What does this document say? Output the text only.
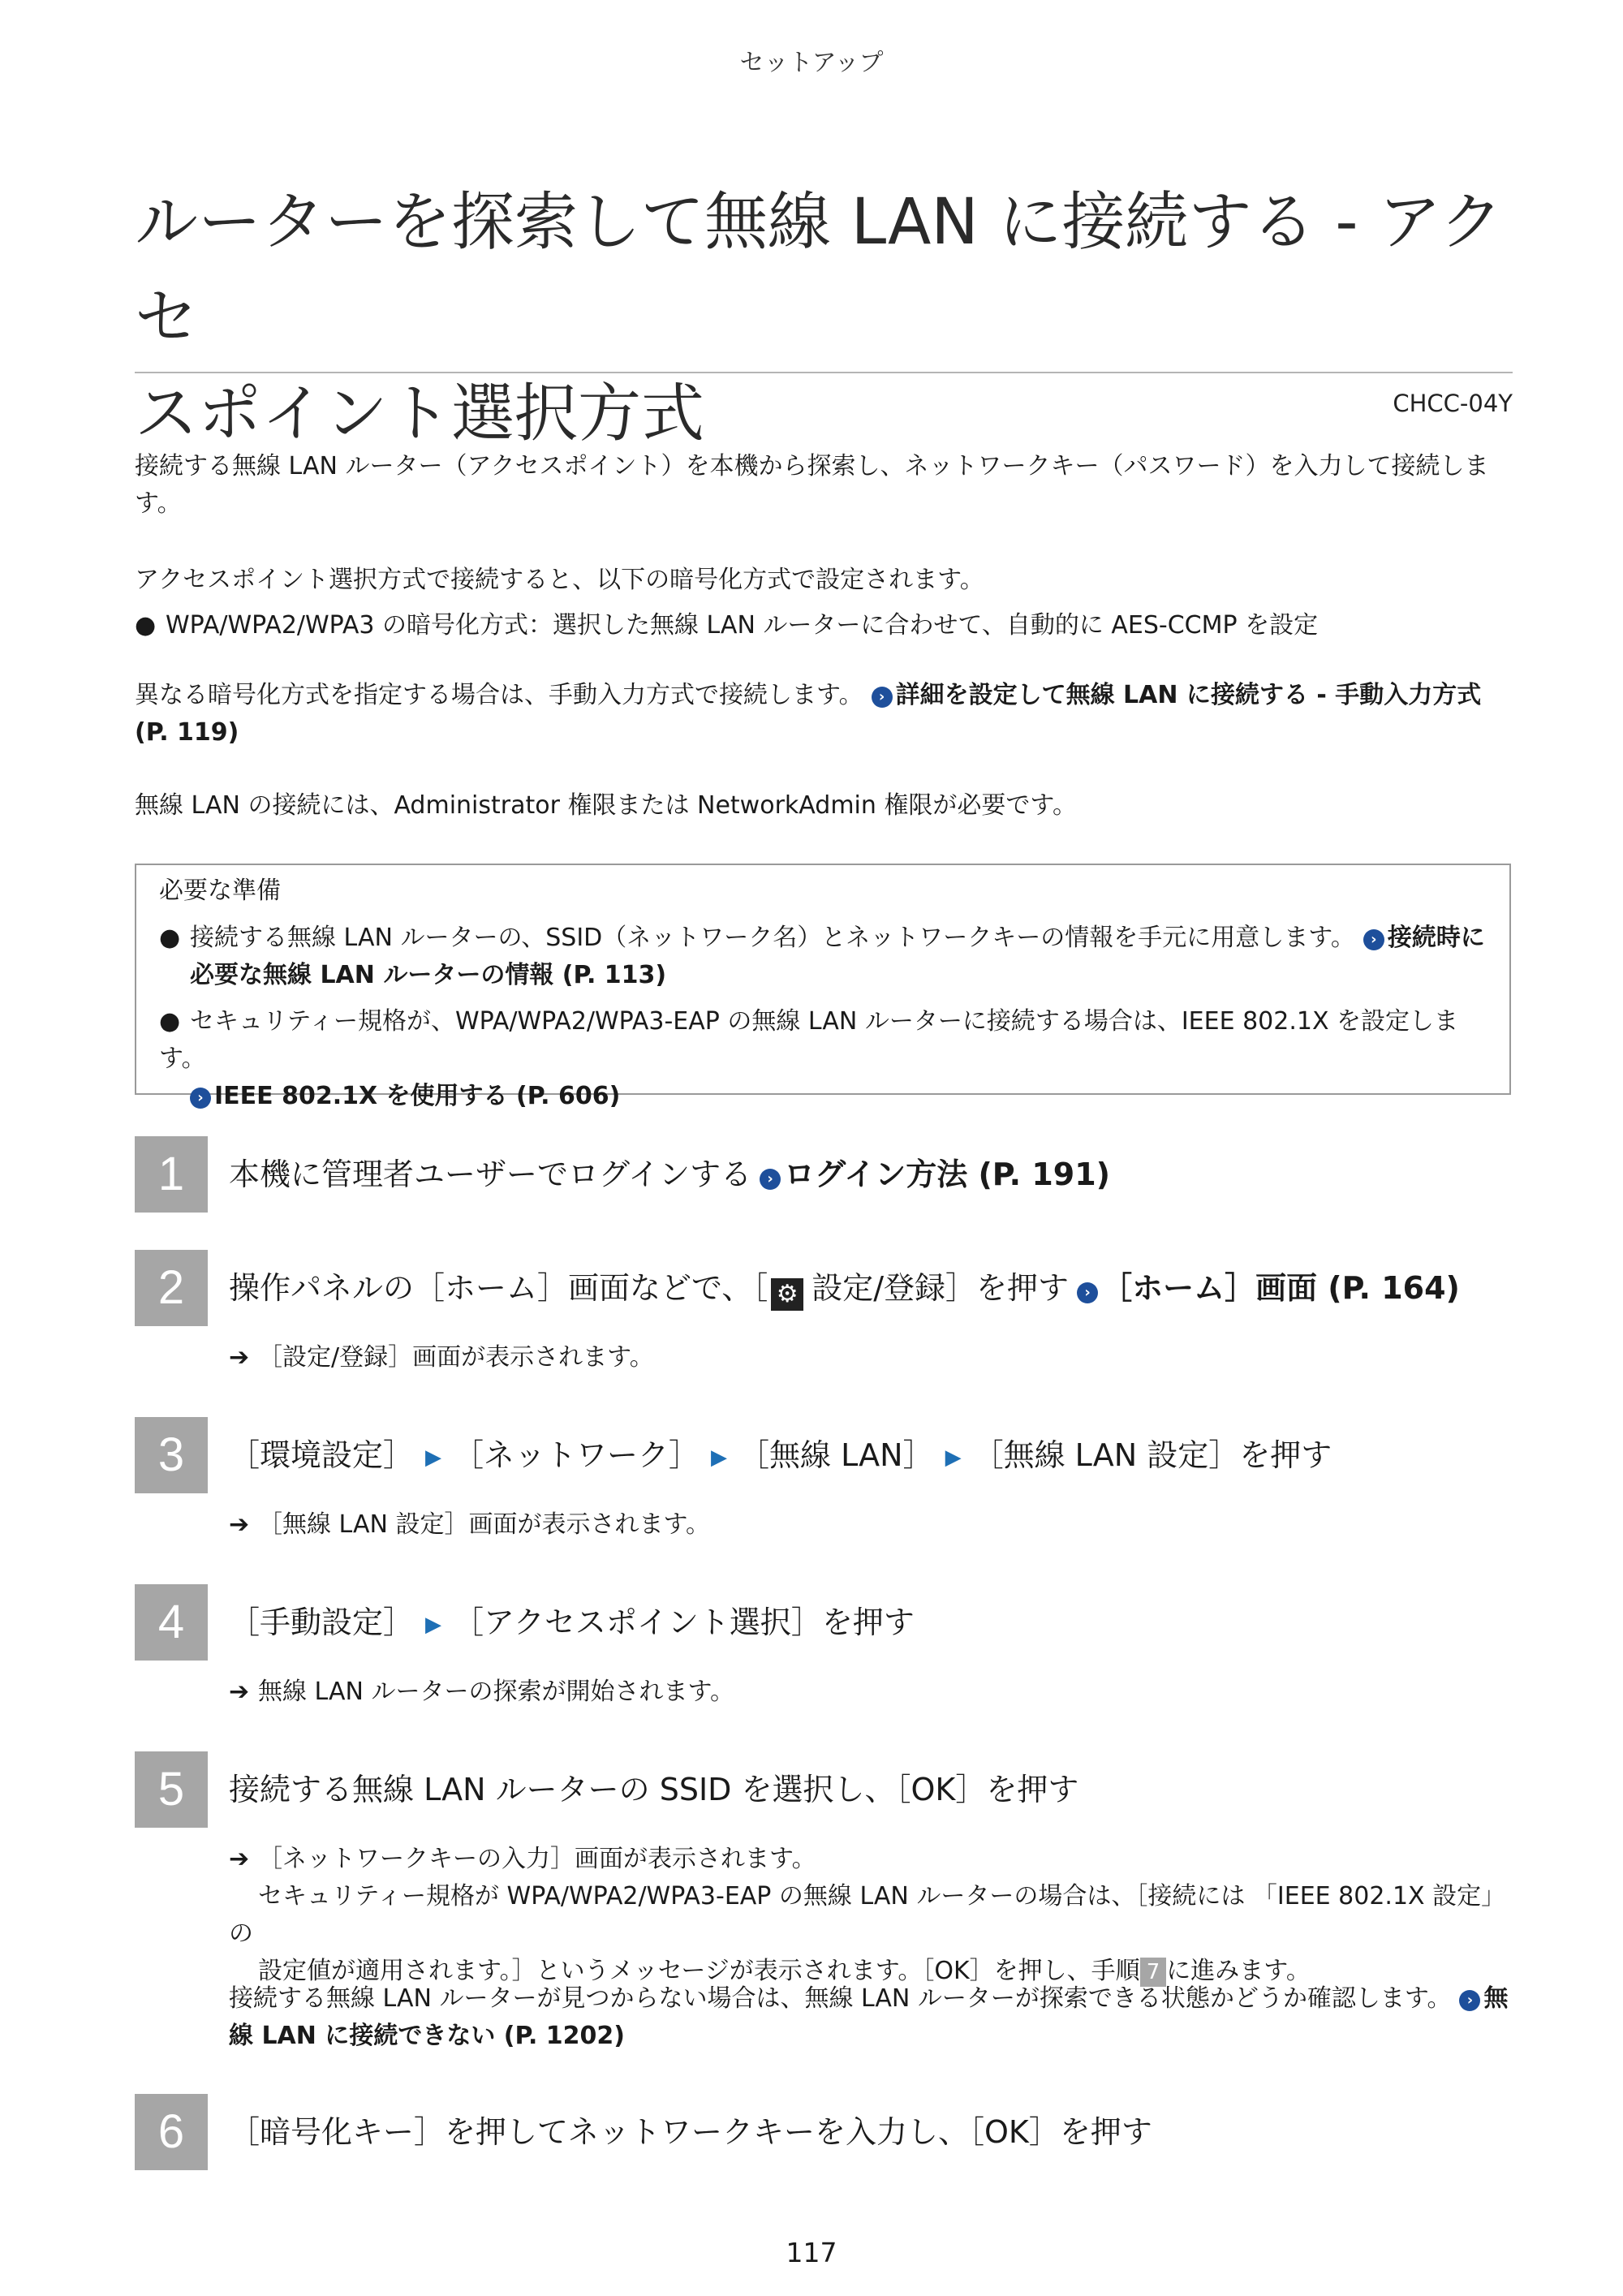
セットアップ
ルーターを探索して無線 LAN に接続する - アクセ
スポイント選択方式	CHCC-04Y
接続する無線 LAN ルーター（アクセスポイント）を本機から探索し、ネットワークキー（パスワード）を入力して接続しま
す。
アクセスポイント選択方式で接続すると、以下の暗号化方式で設定されます。
● WPA/WPA2/WPA3 の暗号化方式：選択した無線 LAN ルーターに合わせて、自動的に AES-CCMP を設定
異なる暗号化方式を指定する場合は、手動入力方式で接続します。 › 詳細を設定して無線 LAN に接続する - 手動入力方式
(P. 119)
無線 LAN の接続には、Administrator 権限または NetworkAdmin 権限が必要です。
必要な準備
● 接続する無線 LAN ルーターの、SSID（ネットワーク名）とネットワークキーの情報を手元に用意します。 › 接続時に
必要な無線 LAN ルーターの情報 (P. 113)
● セキュリティー規格が、WPA/WPA2/WPA3-EAP の無線 LAN ルーターに接続する場合は、IEEE 802.1X を設定します。
› IEEE 802.1X を使用する (P. 606)
1	本機に管理者ユーザーでログインする › ログイン方法 (P. 191)
2	操作パネルの［ホーム］画面などで、［ ⚙ 設定/登録］を押す › ［ホーム］画面 (P. 164)
➔ ［設定/登録］画面が表示されます。
3	［環境設定］ ▶ ［ネットワーク］ ▶ ［無線 LAN］ ▶ ［無線 LAN 設定］を押す
➔ ［無線 LAN 設定］画面が表示されます。
4	［手動設定］ ▶ ［アクセスポイント選択］を押す
➔ 無線 LAN ルーターの探索が開始されます。
5	接続する無線 LAN ルーターの SSID を選択し、［OK］を押す
➔ ［ネットワークキーの入力］画面が表示されます。
セキュリティー規格が WPA/WPA2/WPA3-EAP の無線 LAN ルーターの場合は、［接続には 「IEEE 802.1X 設定」 の
設定値が適用されます。］というメッセージが表示されます。［OK］を押し、手順 7 に進みます。
接続する無線 LAN ルーターが見つからない場合は、無線 LAN ルーターが探索できる状態かどうか確認します。 › 無
線 LAN に接続できない (P. 1202)
6	［暗号化キー］を押してネットワークキーを入力し、［OK］を押す
117
